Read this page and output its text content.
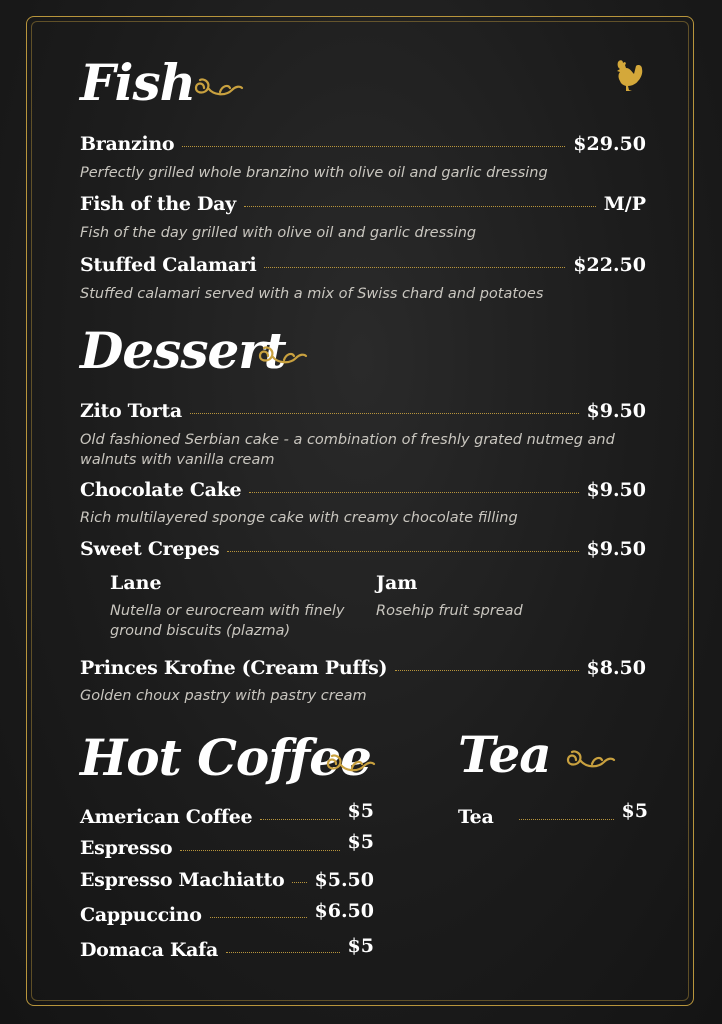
Fish
Branzino	$29.50

Perfectly grilled whole branzino with olive oil and garlic dressing

Fish of the Day	M/P

Fish of the day grilled with olive oil and garlic dressing

Stuffed Calamari	$22.50

Stuffed calamari served with a mix of Swiss chard and potatoes

Dessert
Zito Torta	$9.50

Old fashioned Serbian cake - a combination of freshly grated nutmeg and walnuts with vanilla cream

Chocolate Cake	$9.50

Rich multilayered sponge cake with creamy chocolate filling

Sweet Crepes	$9.50
Lane

Nutella or eurocream with finely ground biscuits (plazma)

Jam

Rosehip fruit spread

Princes Krofne (Cream Puffs)	$8.50

Golden choux pastry with pastry cream

Hot Coffee
American Coffee	$5
Espresso	$5
Espresso Machiatto $5.50
Cappuccino	$6.50
Domaca Kafa	$5
Tea
Tea	$5
